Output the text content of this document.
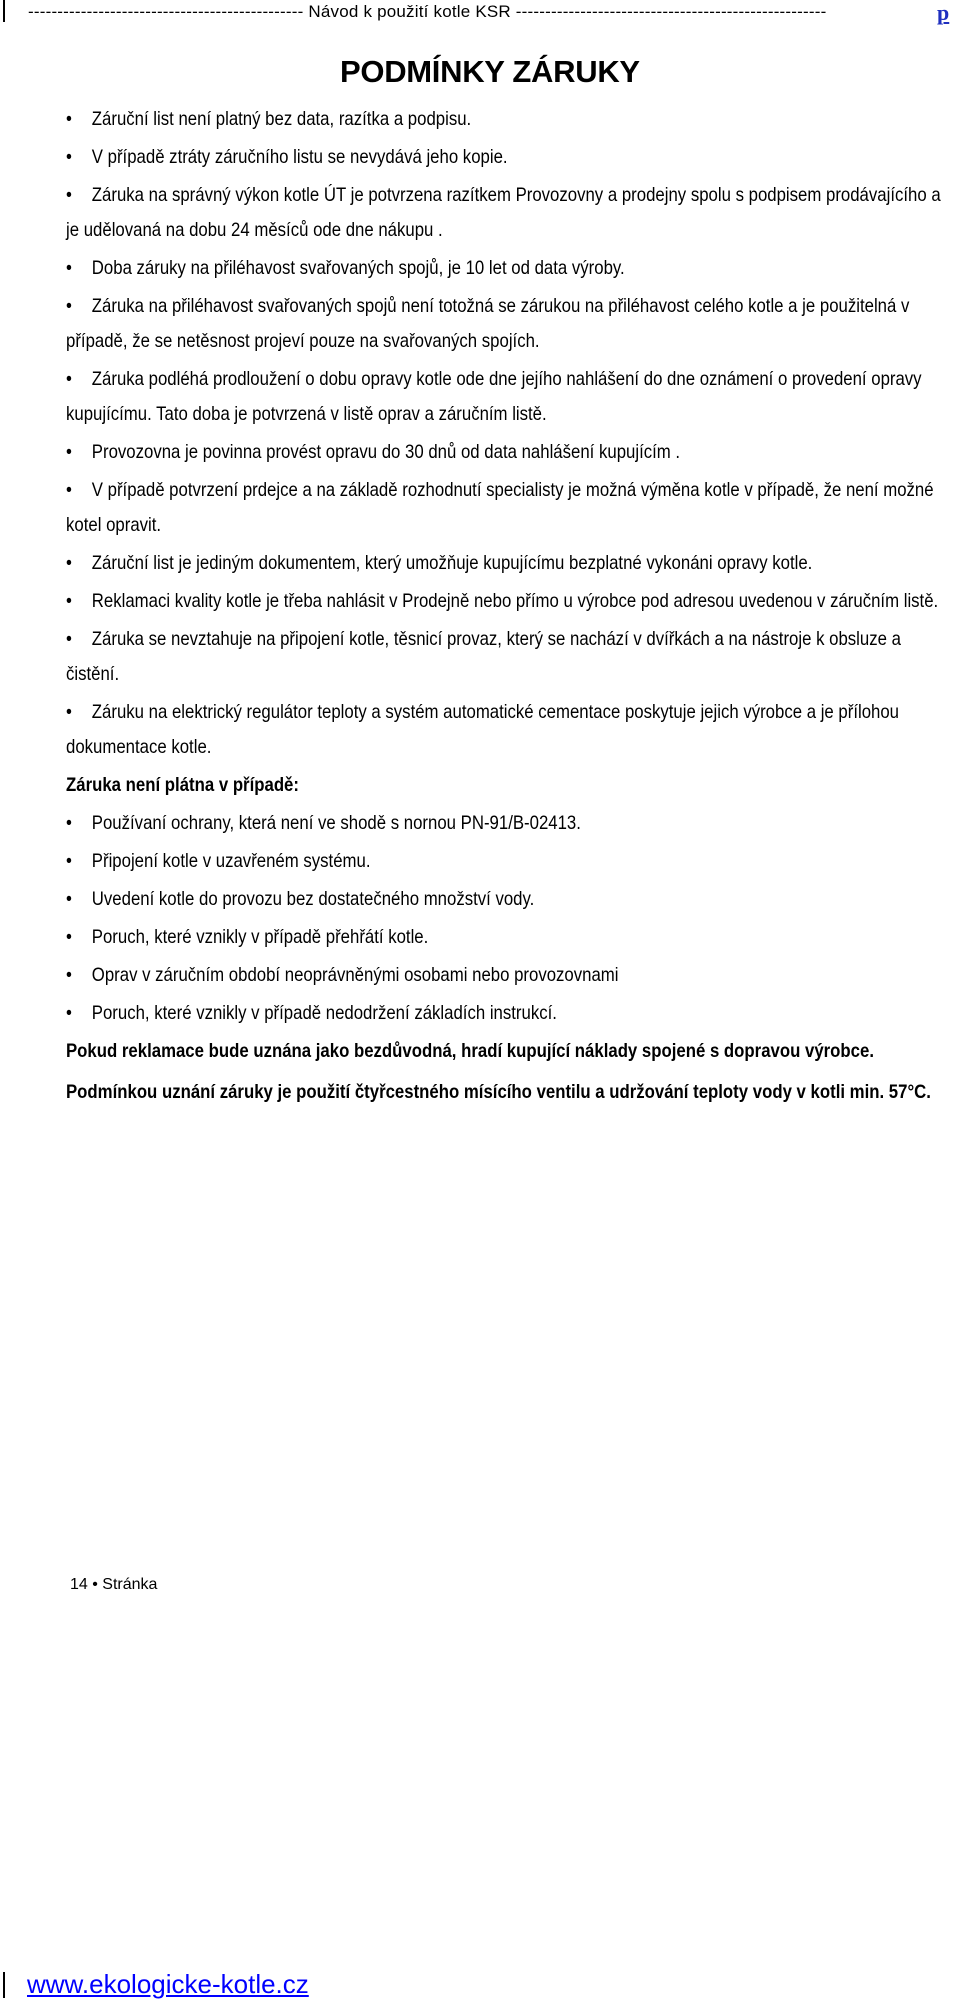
----------------------------------------------- Návod k použití kotle KSR -----------------------------------------------------	p
PODMÍNKY ZÁRUKY
• Záruční list není platný bez data, razítka a podpisu.
• V případě ztráty záručního listu se nevydává jeho kopie.
• Záruka na správný výkon kotle ÚT je potvrzena razítkem Provozovny a prodejny spolu s podpisem prodávajícího a je udělovaná na dobu 24 měsíců ode dne nákupu .
• Doba záruky na přiléhavost svařovaných spojů, je 10 let od data výroby.
• Záruka na přiléhavost svařovaných spojů není totožná se zárukou na přiléhavost celého kotle a je použitelná v případě, že se netěsnost projeví pouze na svařovaných spojích.
• Záruka podléhá prodloužení o dobu opravy kotle ode dne jejího nahlášení do dne oznámení o provedení opravy kupujícímu. Tato doba je potvrzená v listě oprav a záručním listě.
• Provozovna je povinna provést opravu do 30 dnů od data nahlášení kupujícím .
• V případě potvrzení prdejce a na základě rozhodnutí specialisty je možná výměna kotle v případě, že není možné kotel opravit.
• Záruční list je jediným dokumentem, který umožňuje kupujícímu bezplatné vykonáni opravy kotle.
• Reklamaci kvality kotle je třeba nahlásit v Prodejně nebo přímo u výrobce pod adresou uvedenou v záručním listě.
• Záruka se nevztahuje na připojení kotle, těsnicí provaz, který se nachází v dvířkách a na nástroje k obsluze a čistění.
• Záruku na elektrický regulátor teploty a systém automatické cementace poskytuje jejich výrobce a je přílohou dokumentace kotle.
Záruka není plátna v případě:
• Používaní ochrany, která není ve shodě s nornou PN-91/B-02413.
• Připojení kotle v uzavřeném systému.
• Uvedení kotle do provozu bez dostatečného množství vody.
• Poruch, které vznikly v případě přehřátí kotle.
• Oprav v záručním období neoprávněnými osobami nebo provozovnami
• Poruch, které vznikly v případě nedodržení základích instrukcí.
Pokud reklamace bude uznána jako bezdůvodná, hradí kupující náklady spojené s dopravou výrobce.
Podmínkou uznání záruky je použití čtyřcestného mísícího ventilu a udržování teploty vody v kotli min. 57°C.
14 • Stránka
www.ekologicke-kotle.cz
